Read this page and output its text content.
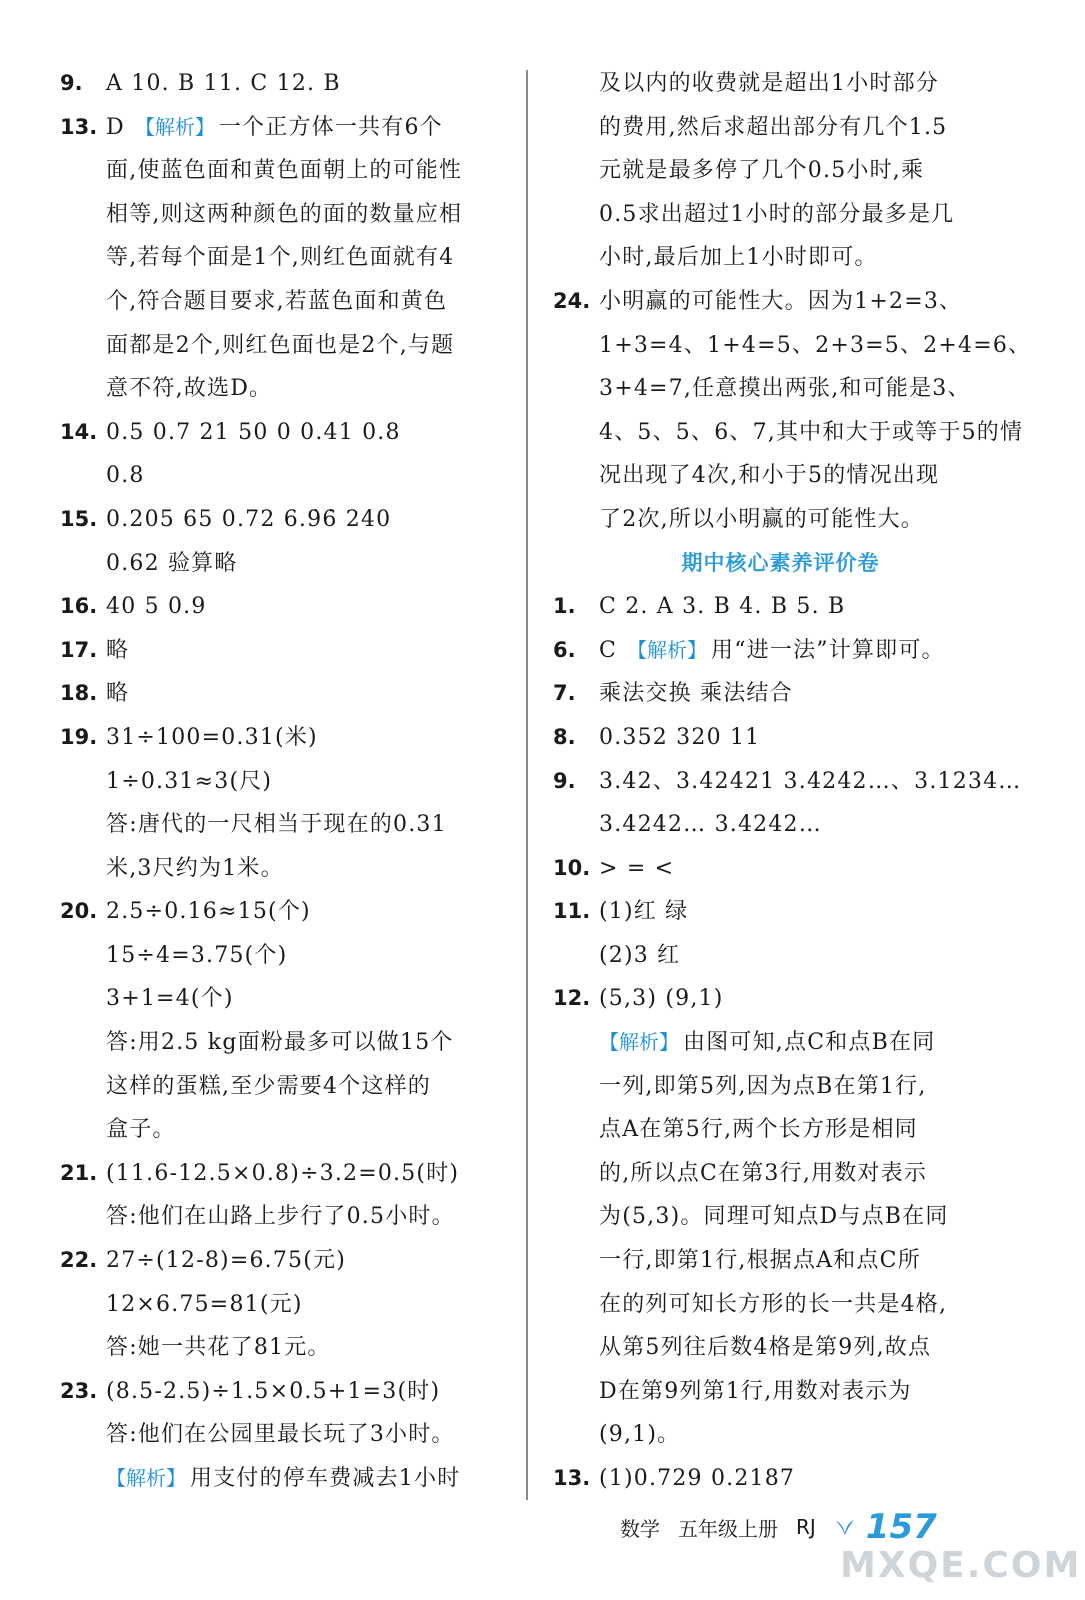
9.	A 10. B 11. C 12. B
13. D 【解析】 一个正方体一共有6个
面,使蓝色面和黄色面朝上的可能性
相等,则这两种颜色的面的数量应相
等,若每个面是1个,则红色面就有4
个,符合题目要求,若蓝色面和黄色
面都是2个,则红色面也是2个,与题
意不符,故选D。
14. 0.5 0.7 21 50 0 0.41 0.8
0.8
15. 0.205 65 0.72 6.9̇6̇ 240
0.62 验算略
16. 40 5 0.9
17. 略
18. 略
19. 31÷100=0.31(米)
1÷0.31≈3(尺)
答:唐代的一尺相当于现在的0.31
米,3尺约为1米。
20. 2.5÷0.16≈15(个)
15÷4=3.75(个)
3+1=4(个)
答:用2.5 kg面粉最多可以做15个
这样的蛋糕,至少需要4个这样的
盒子。
21. (11.6-12.5×0.8)÷3.2=0.5(时)
答:他们在山路上步行了0.5小时。
22. 27÷(12-8)=6.75(元)
12×6.75=81(元)
答:她一共花了81元。
23. (8.5-2.5)÷1.5×0.5+1=3(时)
答:他们在公园里最长玩了3小时。
【解析】 用支付的停车费减去1小时
及以内的收费就是超出1小时部分
的费用,然后求超出部分有几个1.5
元就是最多停了几个0.5小时,乘
0.5求出超过1小时的部分最多是几
小时,最后加上1小时即可。
24. 小明赢的可能性大。因为1+2=3、
1+3=4、1+4=5、2+3=5、2+4=6、
3+4=7,任意摸出两张,和可能是3、
4、5、5、6、7,其中和大于或等于5的情
况出现了4次,和小于5的情况出现
了2次,所以小明赢的可能性大。
期中核心素养评价卷
1.	C 2. A 3. B 4. B 5. B
6.	C 【解析】 用“进一法”计算即可。
7.	乘法交换 乘法结合
8.	0.352 320 11
9.	3.42、3.42421 3.4242…、3.1234…
3.4242… 3.4242…
10. > = <
11. (1)红 绿
(2)3 红
12. (5,3) (9,1)
【解析】 由图可知,点C和点B在同
一列,即第5列,因为点B在第1行,
点A在第5行,两个长方形是相同
的,所以点C在第3行,用数对表示
为(5,3)。同理可知点D与点B在同
一行,即第1行,根据点A和点C所
在的列可知长方形的长一共是4格,
从第5列往后数4格是第9列,故点
D在第9列第1行,用数对表示为
(9,1)。
13. (1)0.729 0.2187
数学 五年级上册 RJ 157
MXQE.COM
